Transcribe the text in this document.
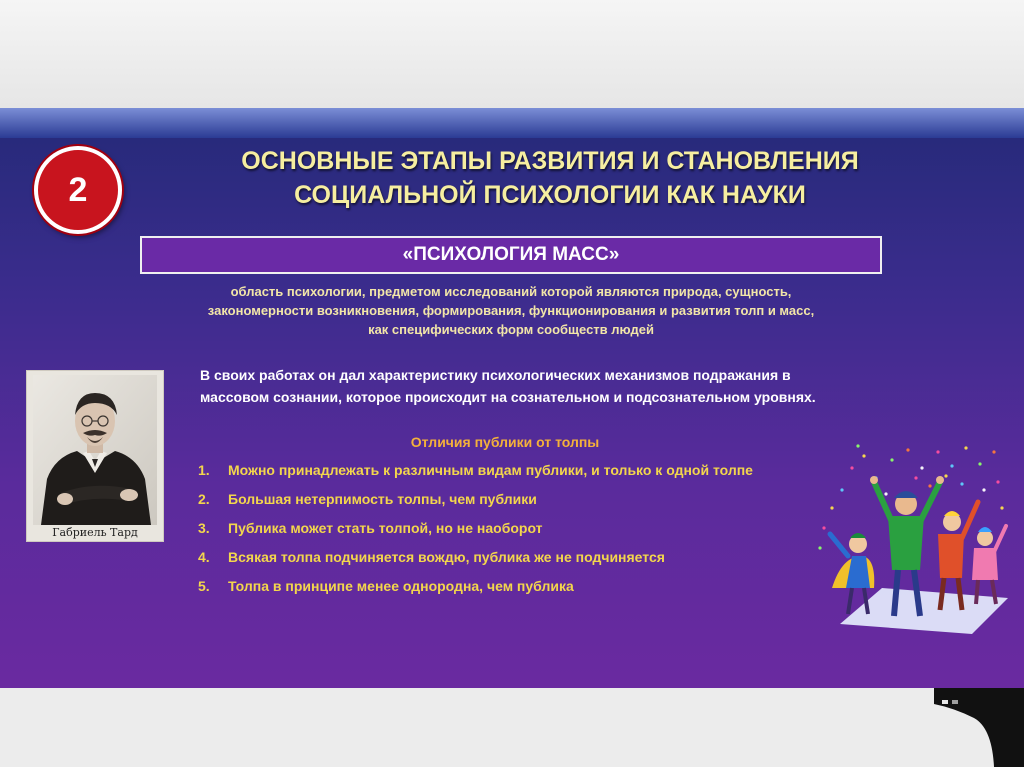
2
ОСНОВНЫЕ ЭТАПЫ РАЗВИТИЯ И СТАНОВЛЕНИЯ
СОЦИАЛЬНОЙ ПСИХОЛОГИИ КАК НАУКИ
«ПСИХОЛОГИЯ МАСС»
область психологии, предметом исследований которой являются природа, сущность,
закономерности возникновения, формирования, функционирования и развития толп и масс,
как специфических форм сообществ людей
Габриель Тард
В своих работах он дал характеристику психологических механизмов подражания в
массовом сознании, которое происходит на сознательном и подсознательном уровнях.
Отличия публики от толпы
1.	Можно принадлежать к различным видам публики, и только к одной толпе
2.	Большая нетерпимость толпы, чем публики
3.	Публика может стать толпой, но не наоборот
4.	Всякая толпа подчиняется вождю, публика же не подчиняется
5.	Толпа в принципе менее однородна, чем публика
